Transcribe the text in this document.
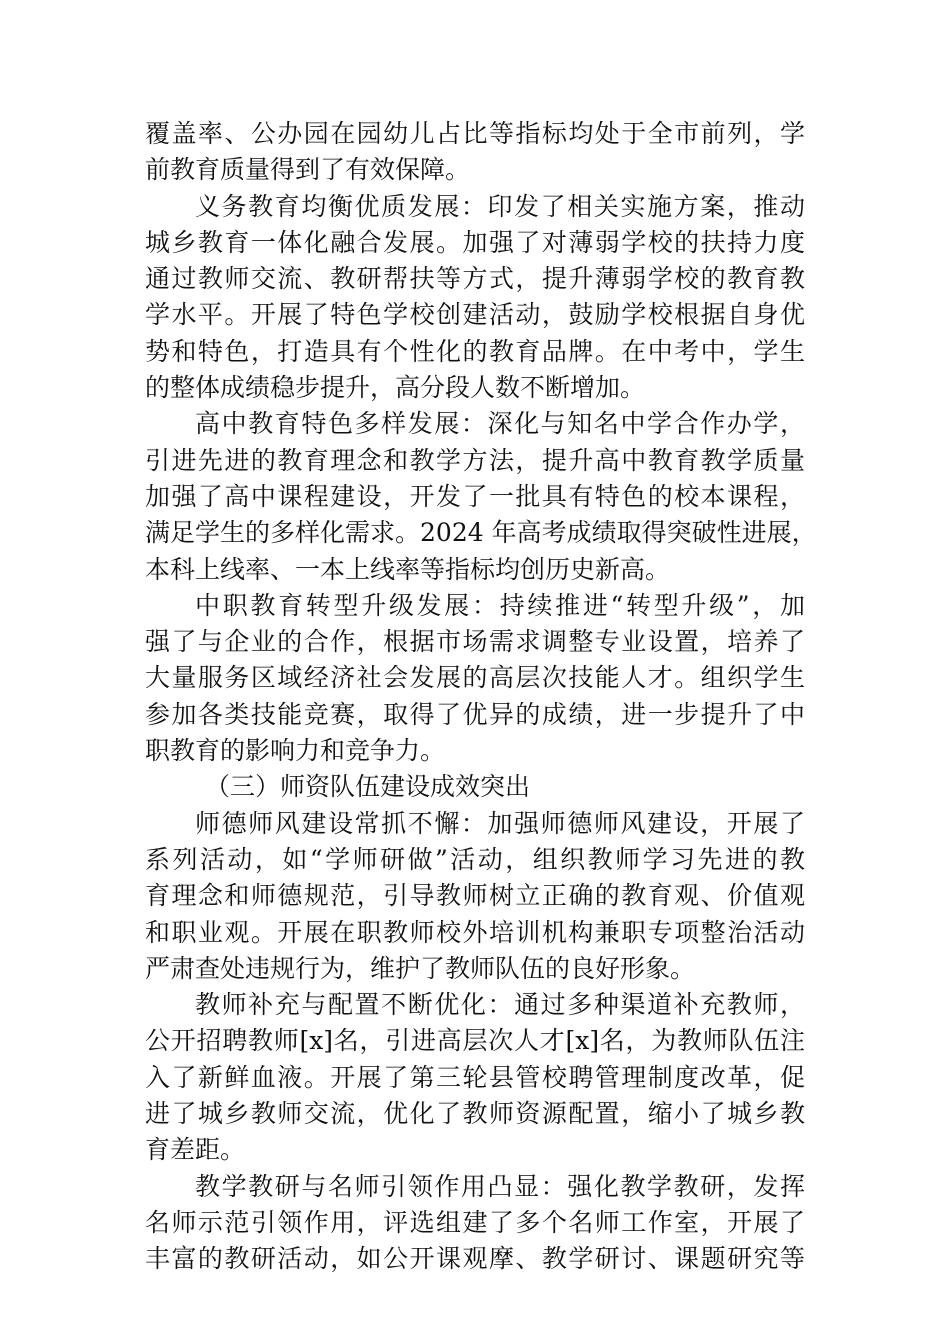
覆盖率、公办园在园幼儿占比等指标均处于全市前列，学
前教育质量得到了有效保障。
义务教育均衡优质发展：印发了相关实施方案，推动
城乡教育一体化融合发展。加强了对薄弱学校的扶持力度
通过教师交流、教研帮扶等方式，提升薄弱学校的教育教
学水平。开展了特色学校创建活动，鼓励学校根据自身优
势和特色，打造具有个性化的教育品牌。在中考中，学生
的整体成绩稳步提升，高分段人数不断增加。
高中教育特色多样发展：深化与知名中学合作办学，
引进先进的教育理念和教学方法，提升高中教育教学质量
加强了高中课程建设，开发了一批具有特色的校本课程，
满足学生的多样化需求。2024 年高考成绩取得突破性进展，
本科上线率、一本上线率等指标均创历史新高。
中职教育转型升级发展：持续推进“转型升级”，加
强了与企业的合作，根据市场需求调整专业设置，培养了
大量服务区域经济社会发展的高层次技能人才。组织学生
参加各类技能竞赛，取得了优异的成绩，进一步提升了中
职教育的影响力和竞争力。
（三）师资队伍建设成效突出
师德师风建设常抓不懈：加强师德师风建设，开展了
系列活动，如“学师研做”活动，组织教师学习先进的教
育理念和师德规范，引导教师树立正确的教育观、价值观
和职业观。开展在职教师校外培训机构兼职专项整治活动
严肃查处违规行为，维护了教师队伍的良好形象。
教师补充与配置不断优化：通过多种渠道补充教师，
公开招聘教师[x]名，引进高层次人才[x]名，为教师队伍注
入了新鲜血液。开展了第三轮县管校聘管理制度改革，促
进了城乡教师交流，优化了教师资源配置，缩小了城乡教
育差距。
教学教研与名师引领作用凸显：强化教学教研，发挥
名师示范引领作用，评选组建了多个名师工作室，开展了
丰富的教研活动，如公开课观摩、教学研讨、课题研究等
